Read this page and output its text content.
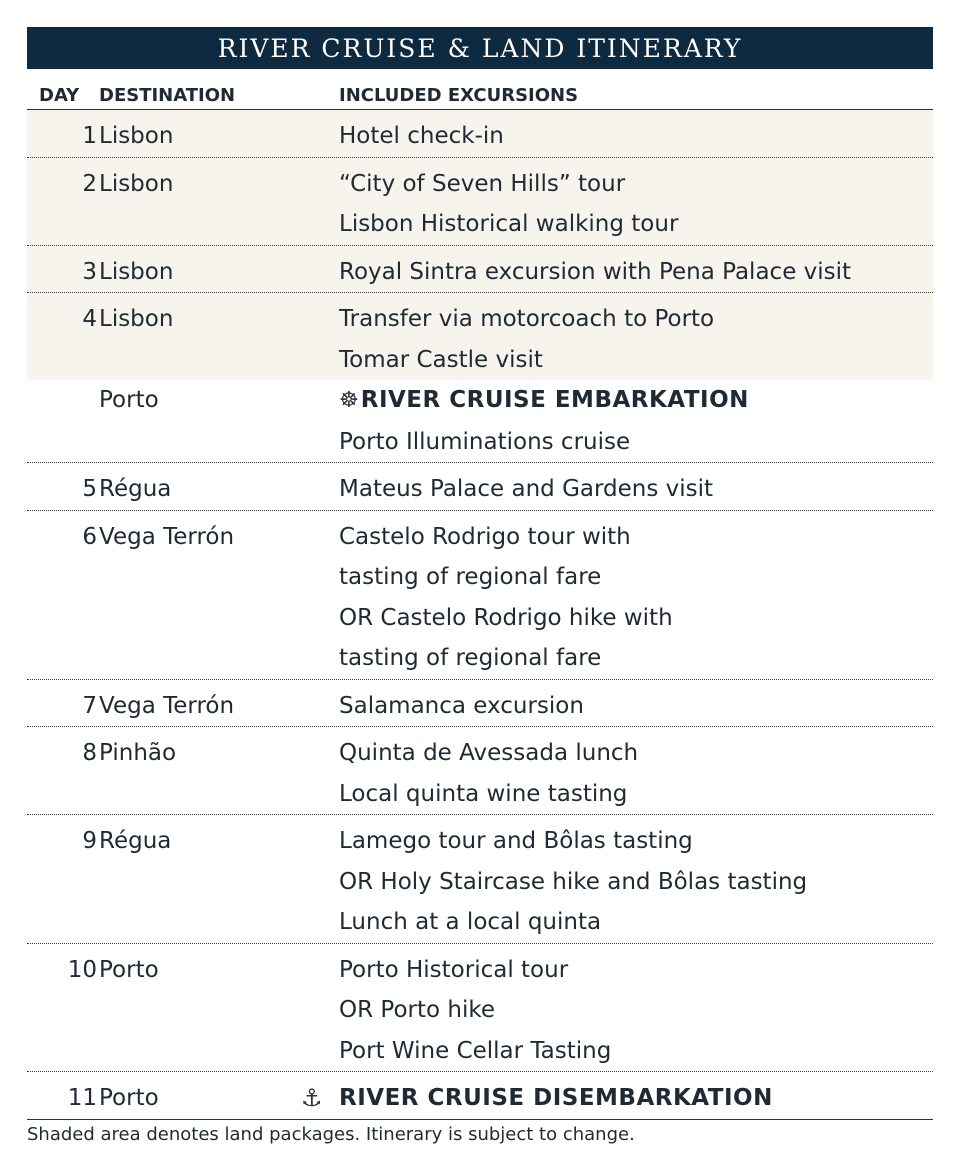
RIVER CRUISE & LAND ITINERARY
DAY	DESTINATION	INCLUDED EXCURSIONS
1 Lisbon	Hotel check-in
2 Lisbon	“City of Seven Hills” tour
Lisbon Historical walking tour
3 Lisbon	Royal Sintra excursion with Pena Palace visit
4 Lisbon	Transfer via motorcoach to Porto
Tomar Castle visit
Porto	☸RIVER CRUISE EMBARKATION
Porto Illuminations cruise
5 Régua	Mateus Palace and Gardens visit
6 Vega Terrón	Castelo Rodrigo tour with
tasting of regional fare
OR Castelo Rodrigo hike with
tasting of regional fare
7 Vega Terrón	Salamanca excursion
8 Pinhão	Quinta de Avessada lunch
Local quinta wine tasting
9 Régua	Lamego tour and Bôlas tasting
OR Holy Staircase hike and Bôlas tasting
Lunch at a local quinta
10 Porto	Porto Historical tour
OR Porto hike
Port Wine Cellar Tasting
11 Porto	⚓ RIVER CRUISE DISEMBARKATION
Shaded area denotes land packages. Itinerary is subject to change.
